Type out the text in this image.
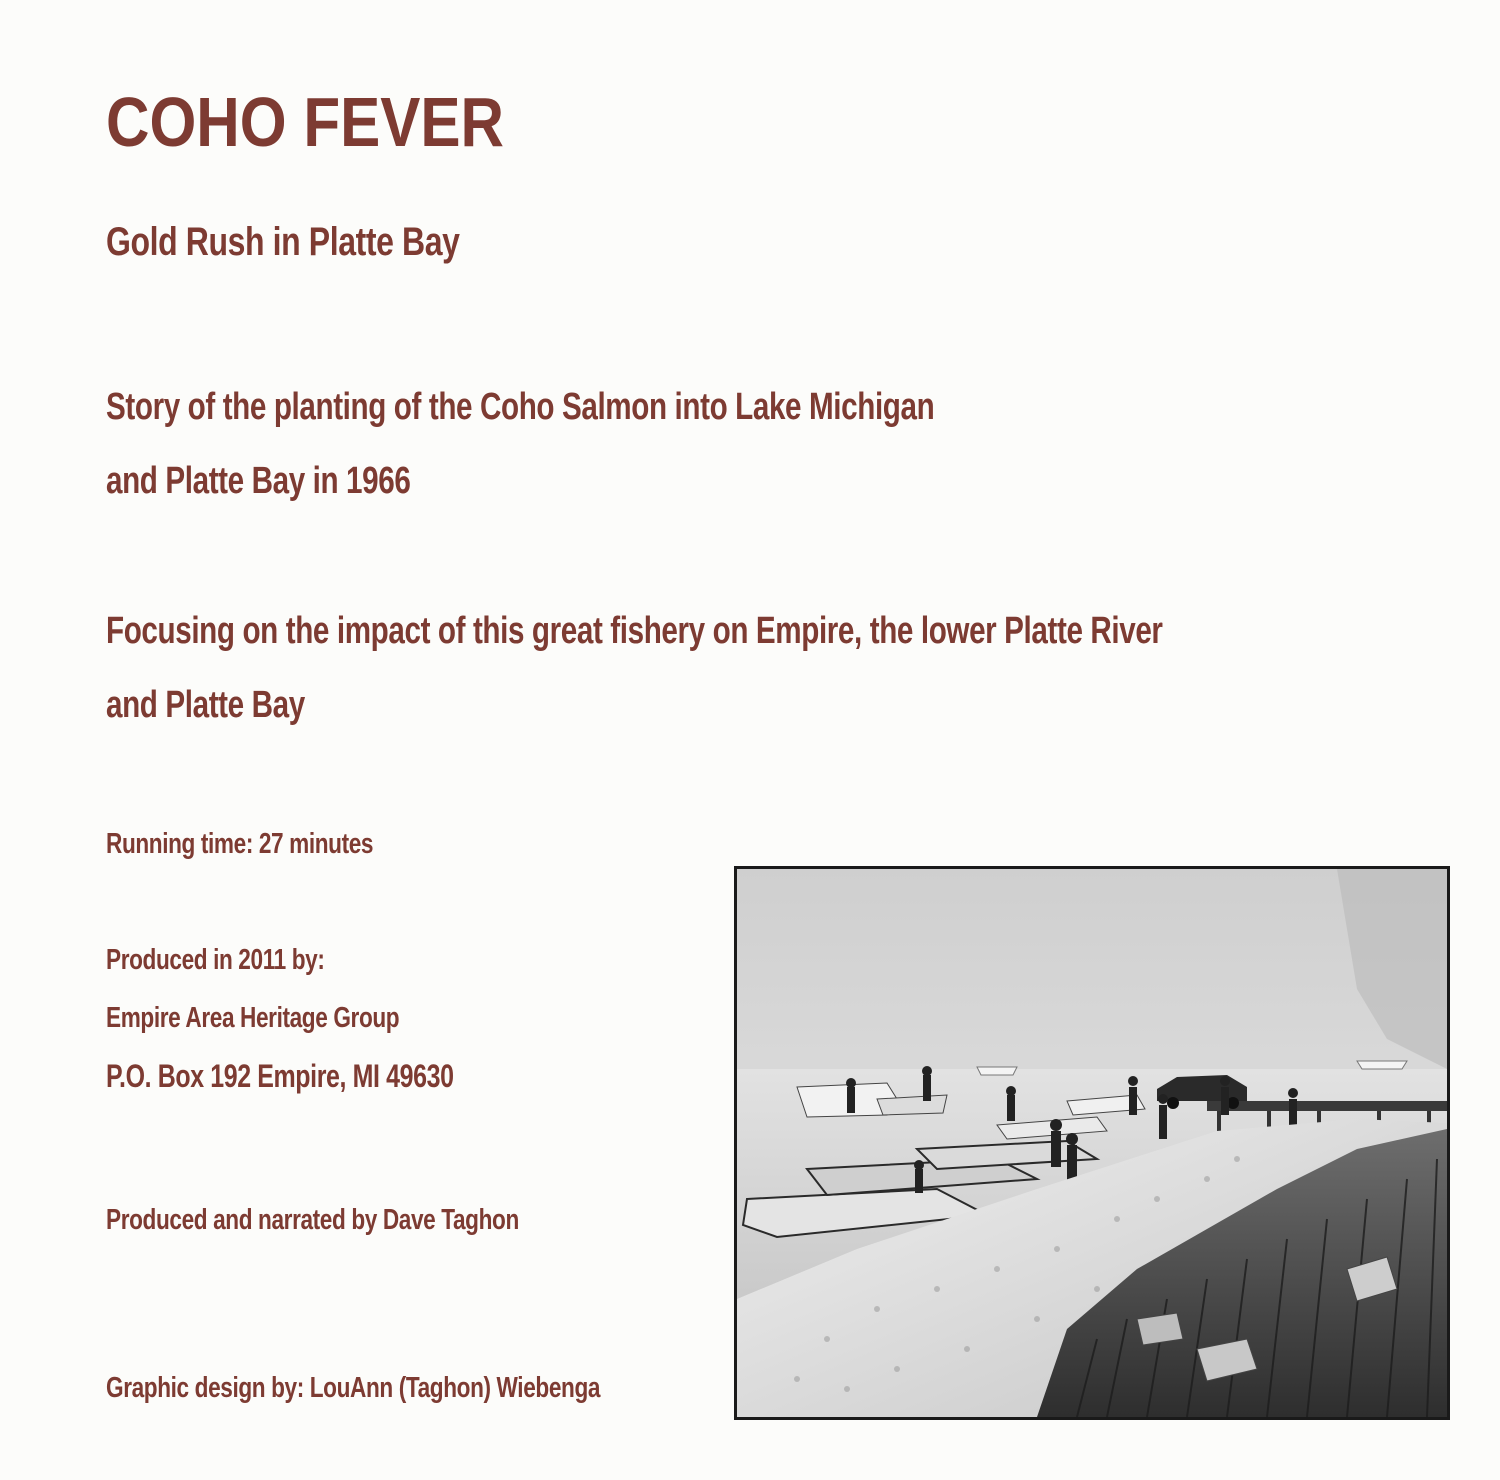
COHO FEVER
Gold Rush in Platte Bay

Story of the planting of the Coho Salmon into Lake Michigan

and Platte Bay in 1966

Focusing on the impact of this great fishery on Empire, the lower Platte River

and Platte Bay

Running time: 27 minutes

Produced in 2011 by:

Empire Area Heritage Group

P.O. Box 192 Empire, MI 49630

Produced and narrated by Dave Taghon

Graphic design by: LouAnn (Taghon) Wiebenga
